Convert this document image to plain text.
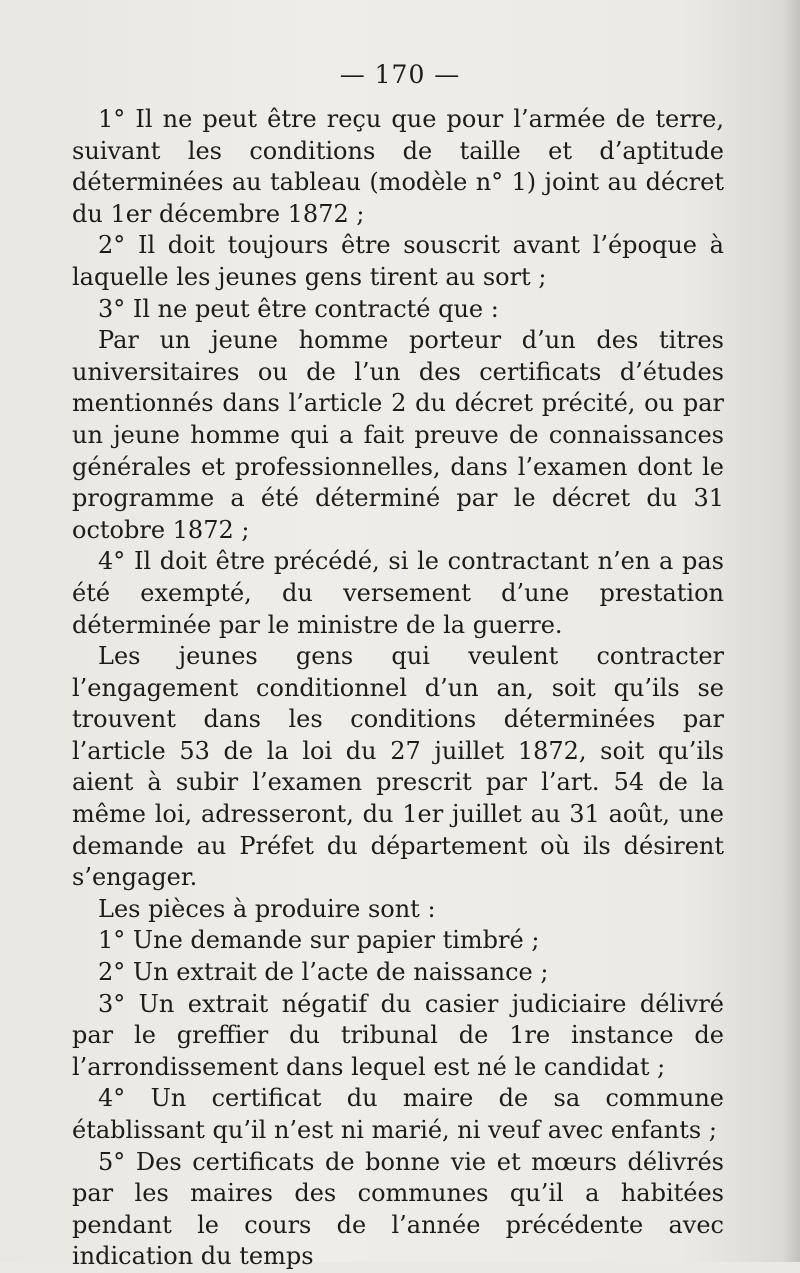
— 170 —

1° Il ne peut être reçu que pour l’armée de terre, suivant les conditions de taille et d’aptitude déterminées au tableau (modèle n° 1) joint au décret du 1er décembre 1872 ;

2° Il doit toujours être souscrit avant l’époque à laquelle les jeunes gens tirent au sort ;

3° Il ne peut être contracté que :

Par un jeune homme porteur d’un des titres universitaires ou de l’un des certificats d’études mentionnés dans l’article 2 du décret précité, ou par un jeune homme qui a fait preuve de connaissances générales et professionnelles, dans l’examen dont le programme a été déterminé par le décret du 31 octobre 1872 ;

4° Il doit être précédé, si le contractant n’en a pas été exempté, du versement d’une prestation déterminée par le ministre de la guerre.

Les jeunes gens qui veulent contracter l’engagement conditionnel d’un an, soit qu’ils se trouvent dans les conditions déterminées par l’article 53 de la loi du 27 juillet 1872, soit qu’ils aient à subir l’examen prescrit par l’art. 54 de la même loi, adresseront, du 1er juillet au 31 août, une demande au Préfet du département où ils désirent s’engager.

Les pièces à produire sont :

1° Une demande sur papier timbré ;

2° Un extrait de l’acte de naissance ;

3° Un extrait négatif du casier judiciaire délivré par le greffier du tribunal de 1re instance de l’arrondissement dans lequel est né le candidat ;

4° Un certificat du maire de sa commune établissant qu’il n’est ni marié, ni veuf avec enfants ;

5° Des certificats de bonne vie et mœurs délivrés par les maires des communes qu’il a habitées pendant le cours de l’année précédente avec indication du temps
